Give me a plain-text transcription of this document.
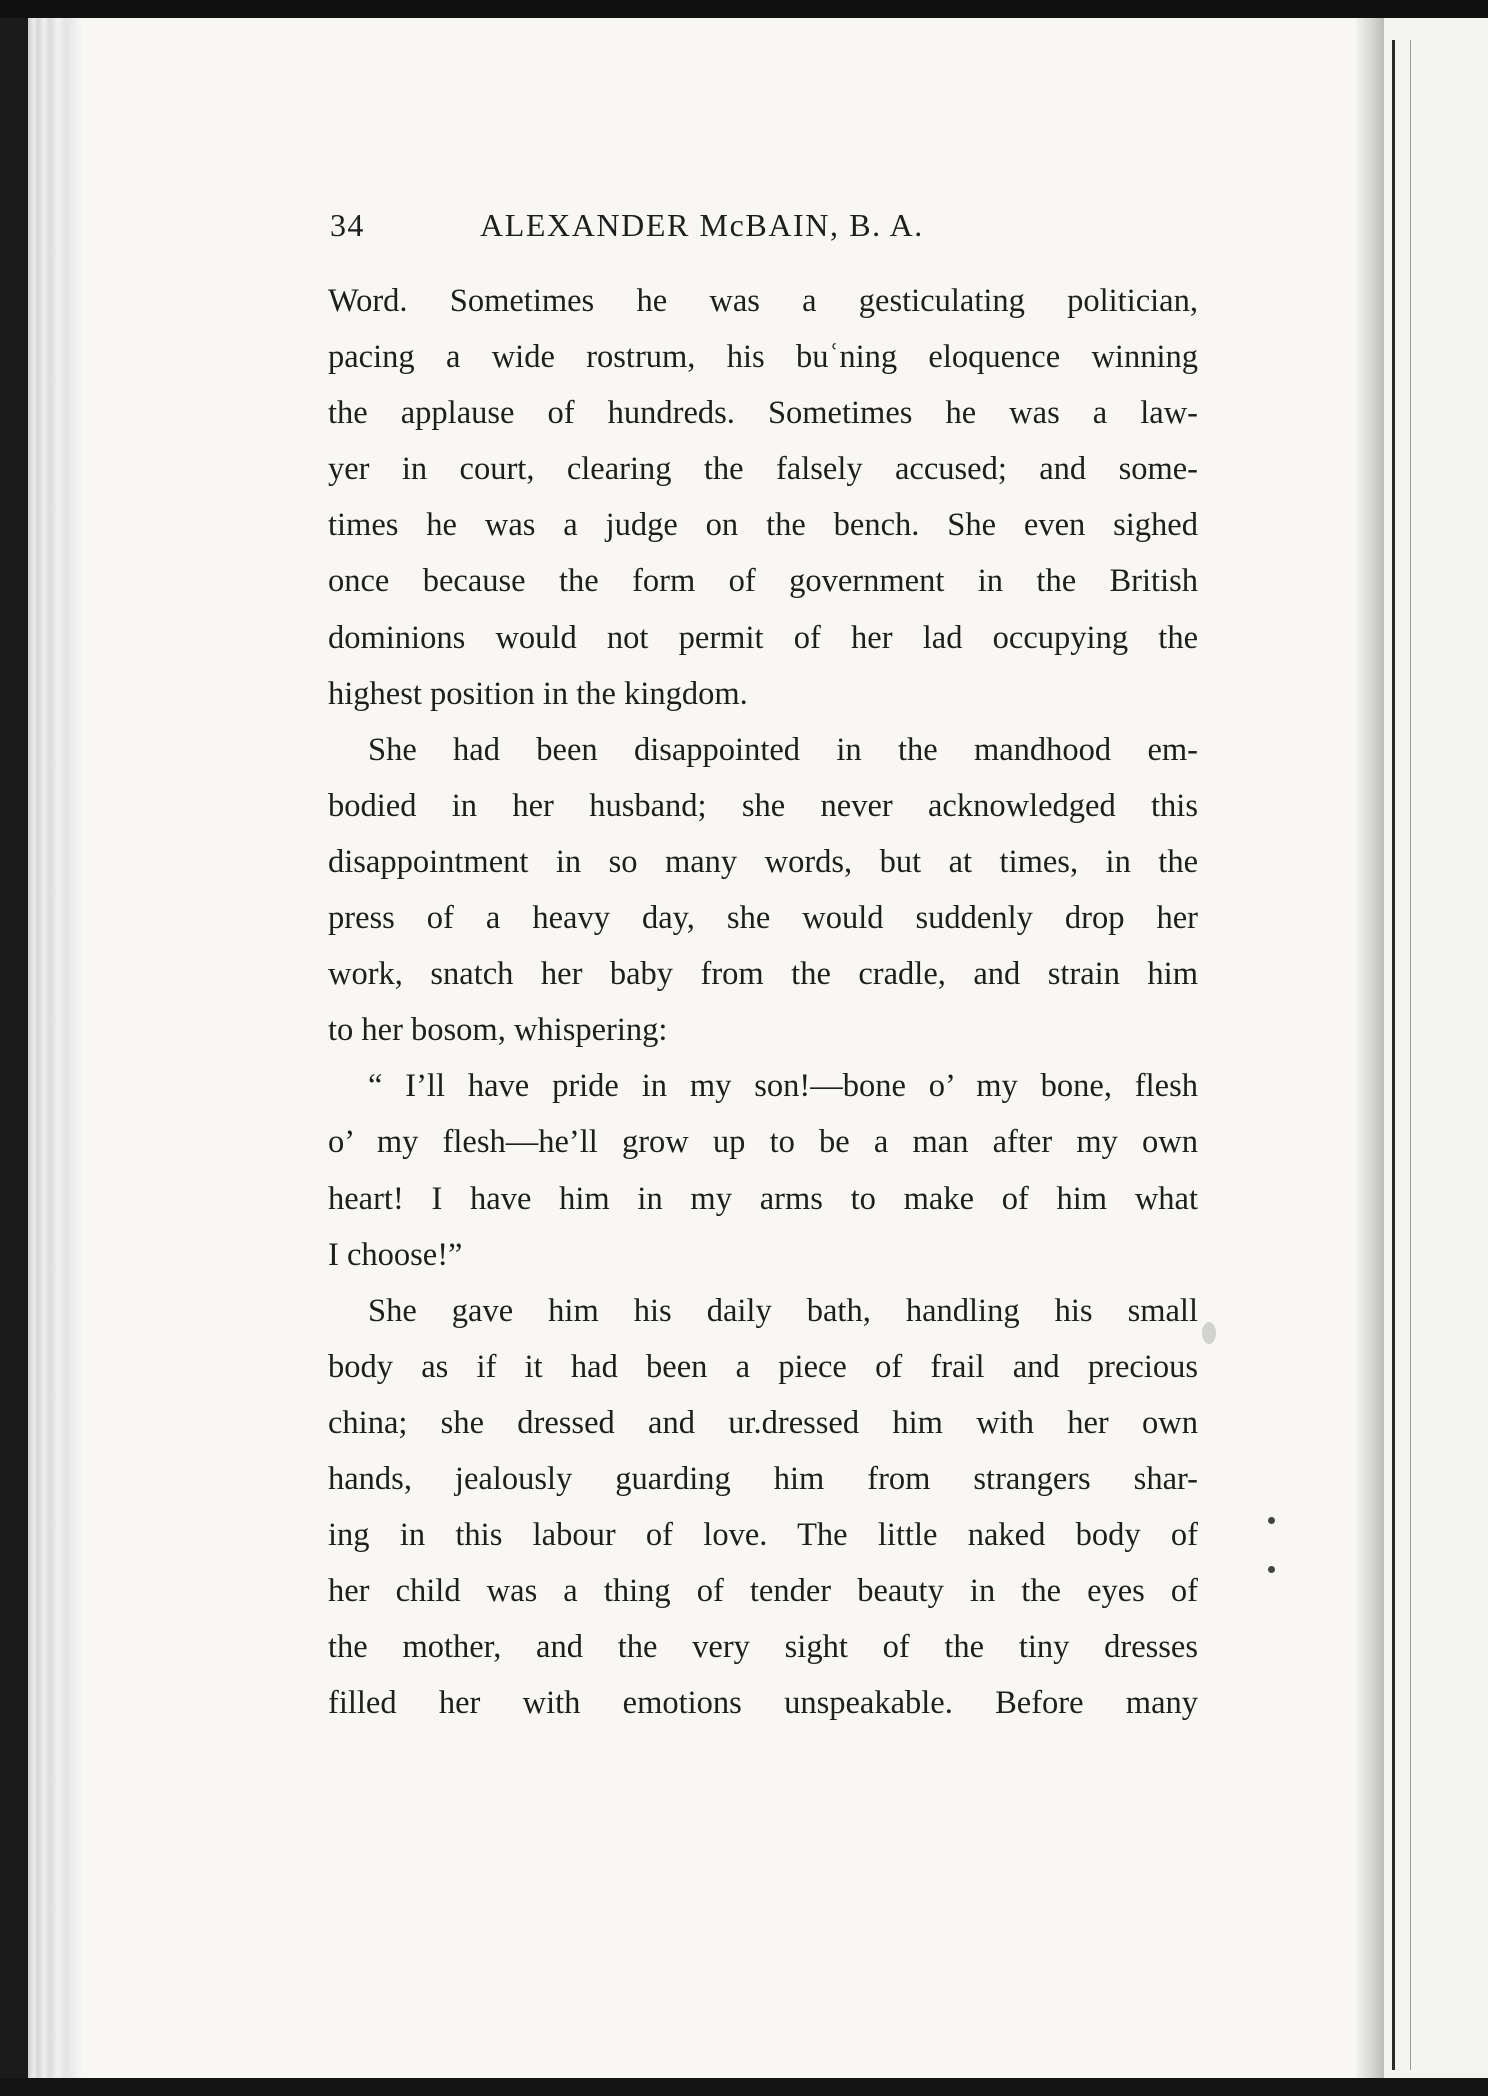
34	ALEXANDER McBAIN, B. A.
Word. Sometimes he was a gesticulating politician,
pacing a wide rostrum, his buʿning eloquence winning
the applause of hundreds. Sometimes he was a law-
yer in court, clearing the falsely accused; and some-
times he was a judge on the bench. She even sighed
once because the form of government in the British
dominions would not permit of her lad occupying the
highest position in the kingdom.
She had been disappointed in the mandhood em-
bodied in her husband; she never acknowledged this
disappointment in so many words, but at times, in the
press of a heavy day, she would suddenly drop her
work, snatch her baby from the cradle, and strain him
to her bosom, whispering:
“ I’ll have pride in my son!—bone o’ my bone, flesh
o’ my flesh—he’ll grow up to be a man after my own
heart! I have him in my arms to make of him what
I choose!”
She gave him his daily bath, handling his small
body as if it had been a piece of frail and precious
china; she dressed and ur.dressed him with her own
hands, jealously guarding him from strangers shar-
ing in this labour of love. The little naked body of
her child was a thing of tender beauty in the eyes of
the mother, and the very sight of the tiny dresses
filled her with emotions unspeakable. Before many
